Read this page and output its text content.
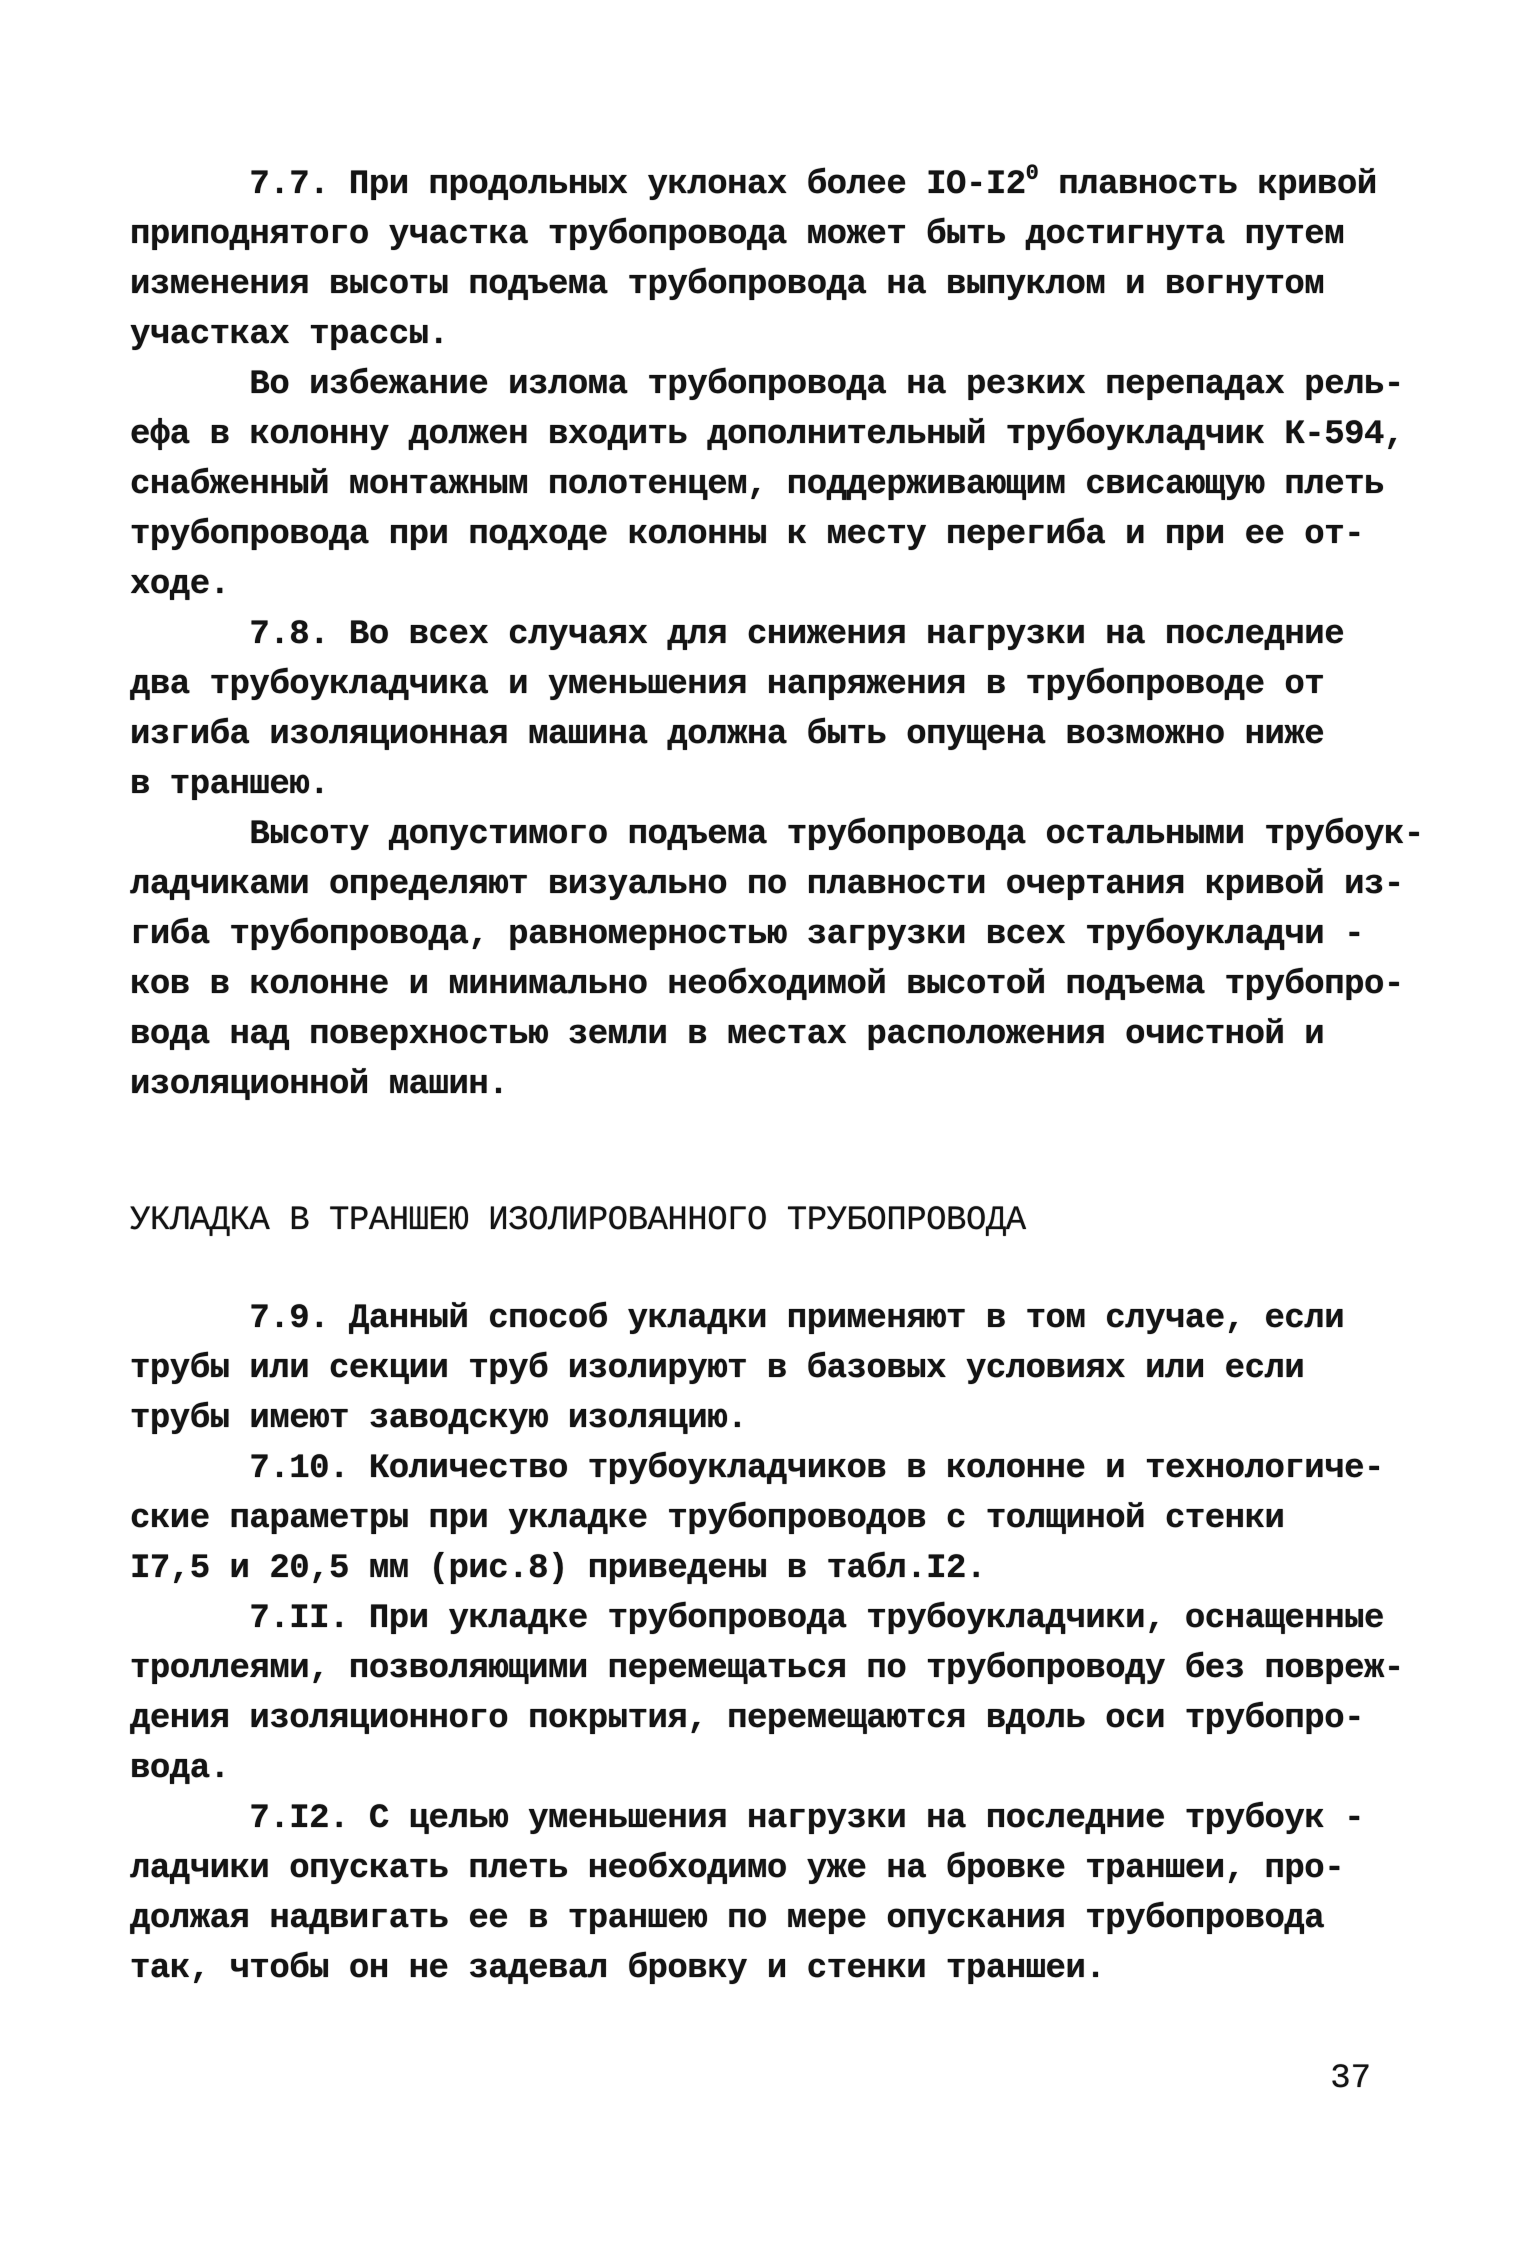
7.7. При продольных уклонах более $IO-I2^0$ плавность кривой
приподнятого участка трубопровода может быть достигнута путем
изменения высоты подъема трубопровода на выпуклом и вогнутом
участках трассы.
Во избежание излома трубопровода на резких перепадах рель-
ефа в колонну должен входить дополнительный трубоукладчик К-594,
снабженный монтажным полотенцем, поддерживающим свисающую плеть
трубопровода при подходе колонны к месту перегиба и при ее от-
ходе.
7.8. Во всех случаях для снижения нагрузки на последние
два трубоукладчика и уменьшения напряжения в трубопроводе от
изгиба изоляционная машина должна быть опущена возможно ниже
в траншею.
Высоту допустимого подъема трубопровода остальными трубоук-
ладчиками определяют визуально по плавности очертания кривой из-
гиба трубопровода, равномерностью загрузки всех трубоукладчи -
ков в колонне и минимально необходимой высотой подъема трубопро-
вода над поверхностью земли в местах расположения очистной и
изоляционной машин.
УКЛАДКА В ТРАНШЕЮ ИЗОЛИРОВАННОГО ТРУБОПРОВОДА
7.9. Данный способ укладки применяют в том случае, если
трубы или секции труб изолируют в базовых условиях или если
трубы имеют заводскую изоляцию.
7.10. Количество трубоукладчиков в колонне и технологиче-
ские параметры при укладке трубопроводов с толщиной стенки
I7,5 и 20,5 мм (рис.8) приведены в табл.I2.
7.II. При укладке трубопровода трубоукладчики, оснащенные
троллеями, позволяющими перемещаться по трубопроводу без повреж-
дения изоляционного покрытия, перемещаются вдоль оси трубопро-
вода.
7.I2. С целью уменьшения нагрузки на последние трубоук -
ладчики опускать плеть необходимо уже на бровке траншеи, про-
должая надвигать ее в траншею по мере опускания трубопровода
так, чтобы он не задевал бровку и стенки траншеи.
37
